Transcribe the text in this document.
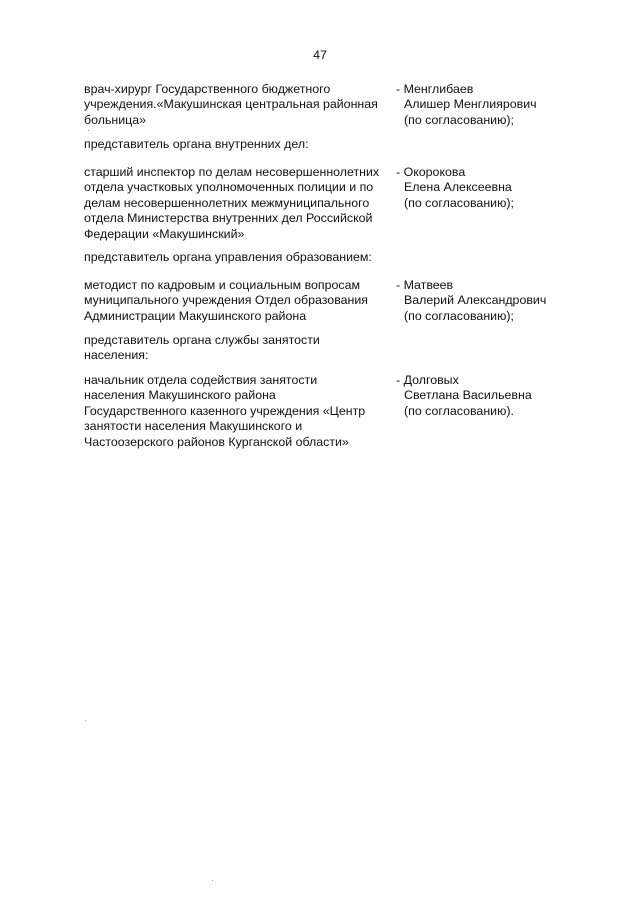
47
врач-хирург Государственного бюджетного
учреждения.«Макушинская центральная районная
больница»
- Менглибаев
Алишер Менглиярович
(по согласованию);
представитель органа внутренних дел:
старший инспектор по делам несовершеннолетних
отдела участковых уполномоченных полиции и по
делам несовершеннолетних межмуниципального
отдела Министерства внутренних дел Российской
Федерации «Макушинский»
- Окорокова
Елена Алексеевна
(по согласованию);
представитель органа управления образованием:
методист по кадровым и социальным вопросам
муниципального учреждения Отдел образования
Администрации Макушинского района
- Матвеев
Валерий Александрович
(по согласованию);
представитель органа службы занятости
населения:
начальник отдела содействия занятости
населения Макушинского района
Государственного казенного учреждения «Центр
занятости населения Макушинского и
Частоозерского районов Курганской области»
- Долговых
Светлана Васильевна
(по согласованию).
